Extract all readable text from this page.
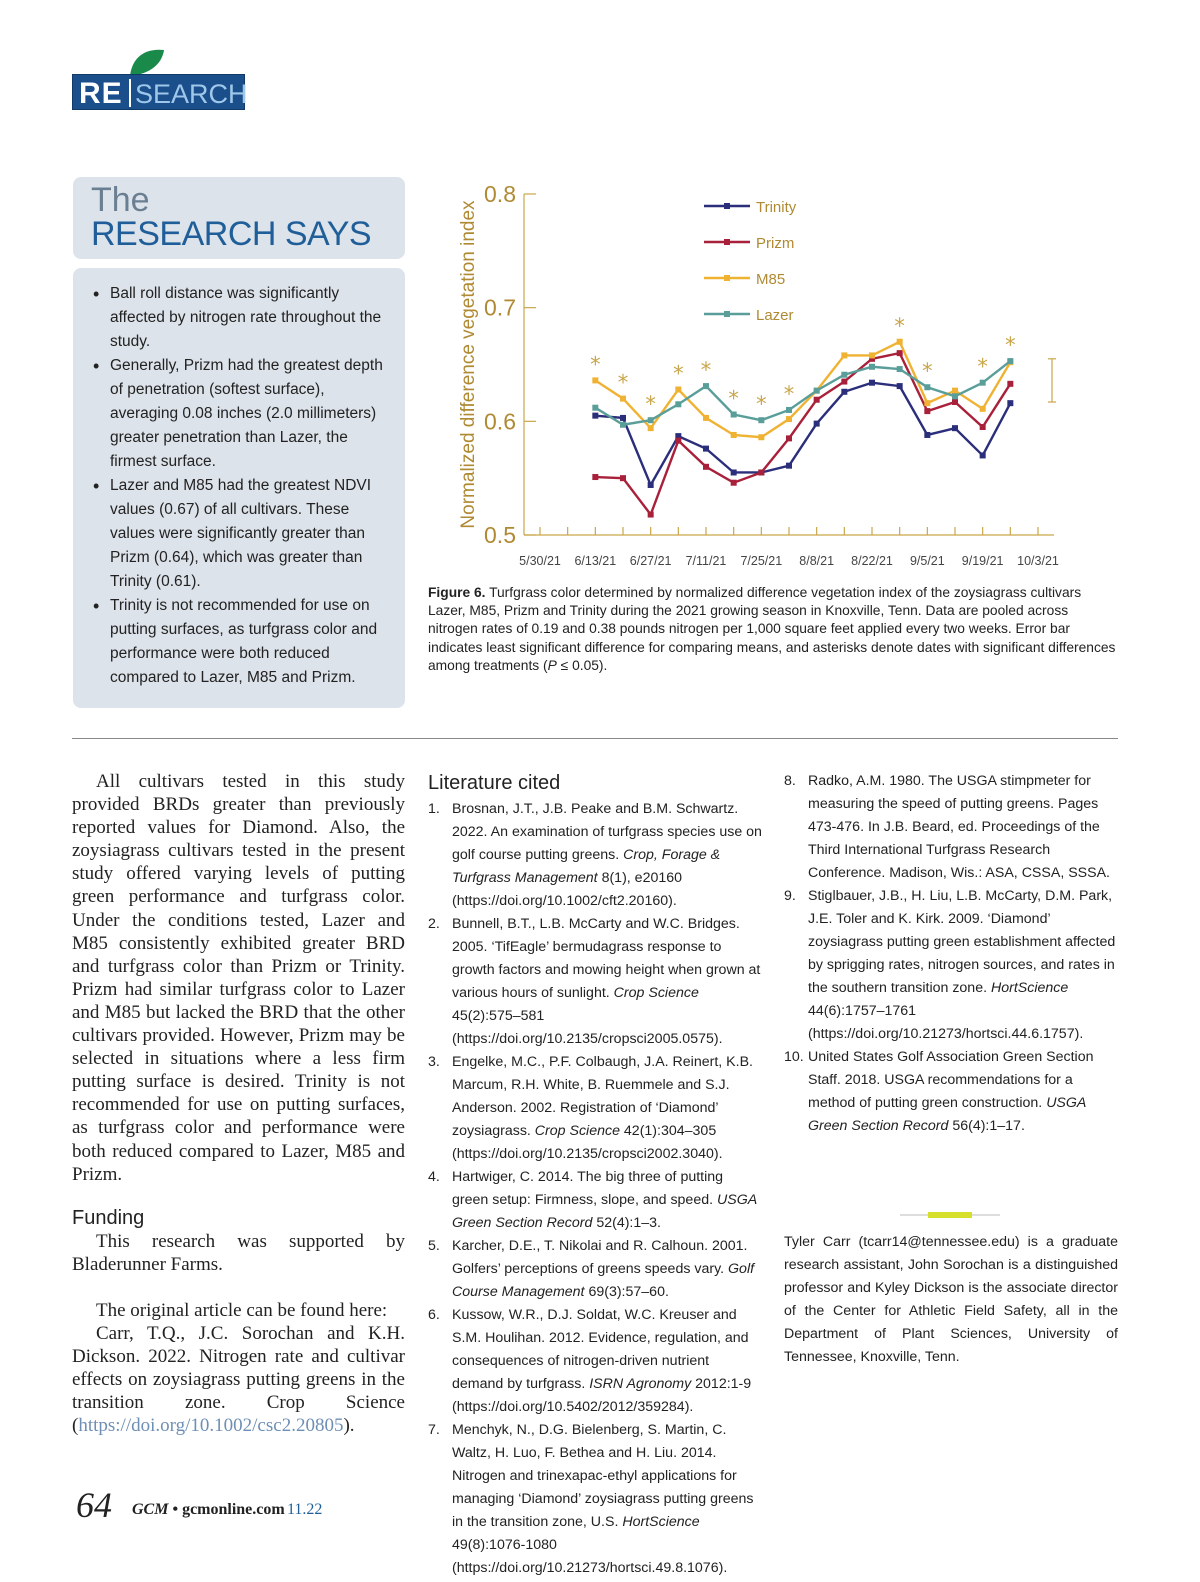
RE SEARCH
The
RESEARCH SAYS
• Ball roll distance was significantly affected by nitrogen rate throughout the study.
• Generally, Prizm had the greatest depth of penetration (softest surface), averaging 0.08 inches (2.0 millimeters) greater penetration than Lazer, the firmest surface.
• Lazer and M85 had the greatest NDVI values (0.67) of all cultivars. These values were significantly greater than Prizm (0.64), which was greater than Trinity (0.61).
• Trinity is not recommended for use on putting surfaces, as turfgrass color and performance were both reduced compared to Lazer, M85 and Prizm.
0.5
0.6
0.7
0.8
Normalized difference vegetation index
5/30/21 6/13/21 6/27/21 7/11/21 7/25/21 8/8/21 8/22/21 9/5/21 9/19/21 10/3/21
*
*
*
* *
* * *
*
* *
*
Trinity
Prizm
M85
Lazer
Figure 6. Turfgrass color determined by normalized difference vegetation index of the zoysiagrass cultivars Lazer, M85, Prizm and Trinity during the 2021 growing season in Knoxville, Tenn. Data are pooled across nitrogen rates of 0.19 and 0.38 pounds nitrogen per 1,000 square feet applied every two weeks. Error bar indicates least significant difference for comparing means, and asterisks denote dates with significant differences among treatments (P ≤ 0.05).

All cultivars tested in this study provided BRDs greater than previously reported values for Diamond. Also, the zoysiagrass cultivars tested in the present study offered varying levels of putting green performance and turfgrass color. Under the conditions tested, Lazer and M85 consistently exhibited greater BRD and turfgrass color than Prizm or Trinity. Prizm had similar turfgrass color to Lazer and M85 but lacked the BRD that the other cultivars provided. However, Prizm may be selected in situations where a less firm putting surface is desired. Trinity is not recommended for use on putting surfaces, as turfgrass color and performance were both reduced compared to Lazer, M85 and Prizm.

Funding

This research was supported by Bladerunner Farms.

The original article can be found here:

Carr, T.Q., J.C. Sorochan and K.H. Dickson. 2022. Nitrogen rate and cultivar effects on zoysiagrass putting greens in the transition zone. Crop Science (https://doi.org/10.1002/csc2.20805).

Literature cited
1. Brosnan, J.T., J.B. Peake and B.M. Schwartz. 2022. An examination of turfgrass species use on golf course putting greens. Crop, Forage & Turfgrass Management 8(1), e20160 (https://doi.org/10.1002/cft2.20160).
2. Bunnell, B.T., L.B. McCarty and W.C. Bridges. 2005. ‘TifEagle’ bermudagrass response to growth factors and mowing height when grown at various hours of sunlight. Crop Science 45(2):575–581 (https://doi.org/10.2135/cropsci2005.0575).
3. Engelke, M.C., P.F. Colbaugh, J.A. Reinert, K.B. Marcum, R.H. White, B. Ruemmele and S.J. Anderson. 2002. Registration of ‘Diamond’ zoysiagrass. Crop Science 42(1):304–305 (https://doi.org/10.2135/cropsci2002.3040).
4. Hartwiger, C. 2014. The big three of putting green setup: Firmness, slope, and speed. USGA Green Section Record 52(4):1–3.
5. Karcher, D.E., T. Nikolai and R. Calhoun. 2001. Golfers’ perceptions of greens speeds vary. Golf Course Management 69(3):57–60.
6. Kussow, W.R., D.J. Soldat, W.C. Kreuser and S.M. Houlihan. 2012. Evidence, regulation, and consequences of nitrogen-driven nutrient demand by turfgrass. ISRN Agronomy 2012:1-9 (https://doi.org/10.5402/2012/359284).
7. Menchyk, N., D.G. Bielenberg, S. Martin, C. Waltz, H. Luo, F. Bethea and H. Liu. 2014. Nitrogen and trinexapac-ethyl applications for managing ‘Diamond’ zoysiagrass putting greens in the transition zone, U.S. HortScience 49(8):1076-1080 (https://doi.org/10.21273/hortsci.49.8.1076).
8. Radko, A.M. 1980. The USGA stimpmeter for measuring the speed of putting greens. Pages 473-476. In J.B. Beard, ed. Proceedings of the Third International Turfgrass Research Conference. Madison, Wis.: ASA, CSSA, SSSA.
9. Stiglbauer, J.B., H. Liu, L.B. McCarty, D.M. Park, J.E. Toler and K. Kirk. 2009. ‘Diamond’ zoysiagrass putting green establishment affected by sprigging rates, nitrogen sources, and rates in the southern transition zone. HortScience 44(6):1757–1761 (https://doi.org/10.21273/hortsci.44.6.1757).
10. United States Golf Association Green Section Staff. 2018. USGA recommendations for a method of putting green construction. USGA Green Section Record 56(4):1–17.
Tyler Carr (tcarr14@tennessee.edu) is a graduate research assistant, John Sorochan is a distinguished professor and Kyley Dickson is the associate director of the Center for Athletic Field Safety, all in the Department of Plant Sciences, University of Tennessee, Knoxville, Tenn.
64 GCM • gcmonline.com 11.22
